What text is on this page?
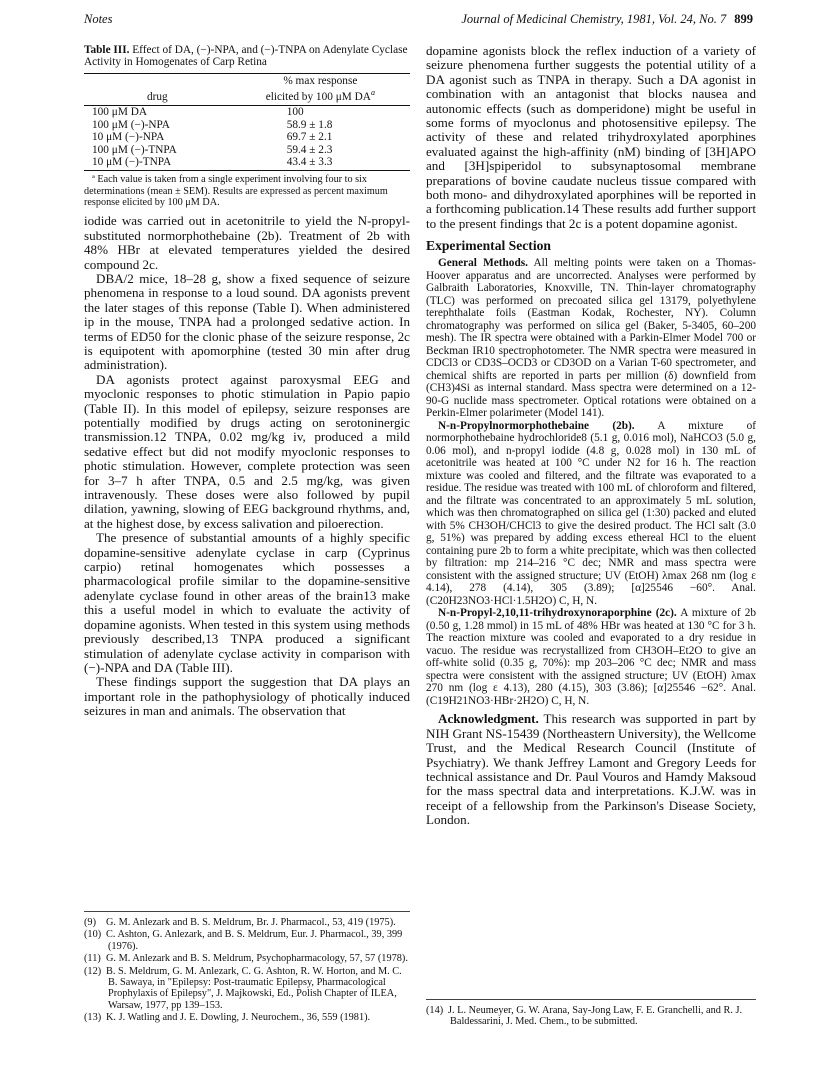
Notes	Journal of Medicinal Chemistry, 1981, Vol. 24, No. 7 899
Table III. Effect of DA, (−)-NPA, and (−)-TNPA on Adenylate Cyclase Activity in Homogenates of Carp Retina
drug	% max response
elicited by 100 μM $DA^a$

100 μM DA	100
100 μM (−)-NPA	58.9 ± 1.8
10 μM (−)-NPA	69.7 ± 2.1
100 μM (−)-TNPA	59.4 ± 2.3
10 μM (−)-TNPA	43.4 ± 3.3
ª Each value is taken from a single experiment involving four to six determinations (mean ± SEM). Results are expressed as percent maximum response elicited by 100 μM DA.

iodide was carried out in acetonitrile to yield the N-propyl-substituted normorphothebaine (2b). Treatment of 2b with 48% HBr at elevated temperatures yielded the desired compound 2c.

DBA/2 mice, 18–28 g, show a fixed sequence of seizure phenomena in response to a loud sound. DA agonists prevent the later stages of this reponse (Table I). When administered ip in the mouse, TNPA had a prolonged sedative action. In terms of ED50 for the clonic phase of the seizure response, 2c is equipotent with apomorphine (tested 30 min after drug administration).

DA agonists protect against paroxysmal EEG and myoclonic responses to photic stimulation in Papio papio (Table II). In this model of epilepsy, seizure responses are potentially modified by drugs acting on serotoninergic transmission.12 TNPA, 0.02 mg/kg iv, produced a mild sedative effect but did not modify myoclonic responses to photic stimulation. However, complete protection was seen for 3–7 h after TNPA, 0.5 and 2.5 mg/kg, was given intravenously. These doses were also followed by pupil dilation, yawning, slowing of EEG background rhythms, and, at the highest dose, by excess salivation and piloerection.

The presence of substantial amounts of a highly specific dopamine-sensitive adenylate cyclase in carp (Cyprinus carpio) retinal homogenates which possesses a pharmacological profile similar to the dopamine-sensitive adenylate cyclase found in other areas of the brain13 make this a useful model in which to evaluate the activity of dopamine agonists. When tested in this system using methods previously described,13 TNPA produced a significant stimulation of adenylate cyclase activity in comparison with (−)-NPA and DA (Table III).

These findings support the suggestion that DA plays an important role in the pathophysiology of photically induced seizures in man and animals. The observation that

(9) G. M. Anlezark and B. S. Meldrum, Br. J. Pharmacol., 53, 419 (1975).
(10) C. Ashton, G. Anlezark, and B. S. Meldrum, Eur. J. Pharmacol., 39, 399 (1976).
(11) G. M. Anlezark and B. S. Meldrum, Psychopharmacology, 57, 57 (1978).
(12) B. S. Meldrum, G. M. Anlezark, C. G. Ashton, R. W. Horton, and M. C. B. Sawaya, in "Epilepsy: Post-traumatic Epilepsy, Pharmacological Prophylaxis of Epilepsy", J. Majkowski, Ed., Polish Chapter of ILEA, Warsaw, 1977, pp 139–153.
(13) K. J. Watling and J. E. Dowling, J. Neurochem., 36, 559 (1981).

dopamine agonists block the reflex induction of a variety of seizure phenomena further suggests the potential utility of a DA agonist such as TNPA in therapy. Such a DA agonist in combination with an antagonist that blocks nausea and autonomic effects (such as domperidone) might be useful in some forms of myoclonus and photosensitive epilepsy. The activity of these and related trihydroxylated aporphines evaluated against the high-affinity (nM) binding of [3H]APO and [3H]spiperidol to subsynaptosomal membrane preparations of bovine caudate nucleus tissue compared with both mono- and dihydroxylated aporphines will be reported in a forthcoming publication.14 These results add further support to the present findings that 2c is a potent dopamine agonist.

Experimental Section

General Methods. All melting points were taken on a Thomas-Hoover apparatus and are uncorrected. Analyses were performed by Galbraith Laboratories, Knoxville, TN. Thin-layer chromatography (TLC) was performed on precoated silica gel 13179, polyethylene terephthalate foils (Eastman Kodak, Rochester, NY). Column chromatography was performed on silica gel (Baker, 5-3405, 60–200 mesh). The IR spectra were obtained with a Parkin-Elmer Model 700 or Beckman IR10 spectrophotometer. The NMR spectra were measured in CDCl3 or CD3S–OCD3 or CD3OD on a Varian T-60 spectrometer, and chemical shifts are reported in parts per million (δ) downfield from (CH3)4Si as internal standard. Mass spectra were determined on a 12-90-G nuclide mass spectrometer. Optical rotations were obtained on a Perkin-Elmer polarimeter (Model 141).

N-n-Propylnormorphothebaine (2b). A mixture of normorphothebaine hydrochloride8 (5.1 g, 0.016 mol), NaHCO3 (5.0 g, 0.06 mol), and n-propyl iodide (4.8 g, 0.028 mol) in 130 mL of acetonitrile was heated at 100 °C under N2 for 16 h. The reaction mixture was cooled and filtered, and the filtrate was evaporated to a residue. The residue was treated with 100 mL of chloroform and filtered, and the filtrate was concentrated to an approximately 5 mL solution, which was then chromatographed on silica gel (1:30) packed and eluted with 5% CH3OH/CHCl3 to give the desired product. The HCl salt (3.0 g, 51%) was prepared by adding excess ethereal HCl to the eluent containing pure 2b to form a white precipitate, which was then collected by filtration: mp 214–216 °C dec; NMR and mass spectra were consistent with the assigned structure; UV (EtOH) λmax 268 nm (log ε 4.14), 278 (4.14), 305 (3.89); [α]25546 −60°. Anal. (C20H23NO3·HCl·1.5H2O) C, H, N.

N-n-Propyl-2,10,11-trihydroxynoraporphine (2c). A mixture of 2b (0.50 g, 1.28 mmol) in 15 mL of 48% HBr was heated at 130 °C for 3 h. The reaction mixture was cooled and evaporated to a dry residue in vacuo. The residue was recrystallized from CH3OH–Et2O to give an off-white solid (0.35 g, 70%): mp 203–206 °C dec; NMR and mass spectra were consistent with the assigned structure; UV (EtOH) λmax 270 nm (log ε 4.13), 280 (4.15), 303 (3.86); [α]25546 −62°. Anal. (C19H21NO3·HBr·2H2O) C, H, N.

Acknowledgment. This research was supported in part by NIH Grant NS-15439 (Northeastern University), the Wellcome Trust, and the Medical Research Council (Institute of Psychiatry). We thank Jeffrey Lamont and Gregory Leeds for technical assistance and Dr. Paul Vouros and Hamdy Maksoud for the mass spectral data and interpretations. K.J.W. was in receipt of a fellowship from the Parkinson's Disease Society, London.

(14) J. L. Neumeyer, G. W. Arana, Say-Jong Law, F. E. Granchelli, and R. J. Baldessarini, J. Med. Chem., to be submitted.
